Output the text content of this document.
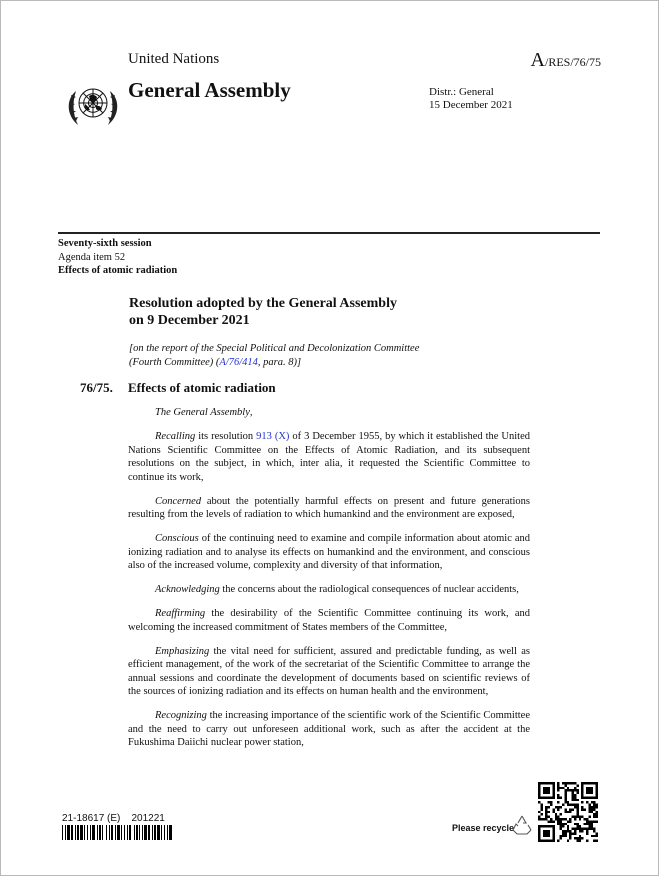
United Nations	A/RES/76/75
General Assembly	Distr.: General
15 December 2021
Seventy-sixth session
Agenda item 52
Effects of atomic radiation
Resolution adopted by the General Assembly
on 9 December 2021
[on the report of the Special Political and Decolonization Committee
(Fourth Committee) (A/76/414, para. 8)]
76/75. Effects of atomic radiation

The General Assembly,

Recalling its resolution 913 (X) of 3 December 1955, by which it established the United Nations Scientific Committee on the Effects of Atomic Radiation, and its subsequent resolutions on the subject, in which, inter alia, it requested the Scientific Committee to continue its work,

Concerned about the potentially harmful effects on present and future generations resulting from the levels of radiation to which humankind and the environment are exposed,

Conscious of the continuing need to examine and compile information about atomic and ionizing radiation and to analyse its effects on humankind and the environment, and conscious also of the increased volume, complexity and diversity of that information,

Acknowledging the concerns about the radiological consequences of nuclear accidents,

Reaffirming the desirability of the Scientific Committee continuing its work, and welcoming the increased commitment of States members of the Committee,

Emphasizing the vital need for sufficient, assured and predictable funding, as well as efficient management, of the work of the secretariat of the Scientific Committee to arrange the annual sessions and coordinate the development of documents based on scientific reviews of the sources of ionizing radiation and its effects on human health and the environment,

Recognizing the increasing importance of the scientific work of the Scientific Committee and the need to carry out unforeseen additional work, such as after the accident at the Fukushima Daiichi nuclear power station,

21-18617 (E)    201221
Please recycle
